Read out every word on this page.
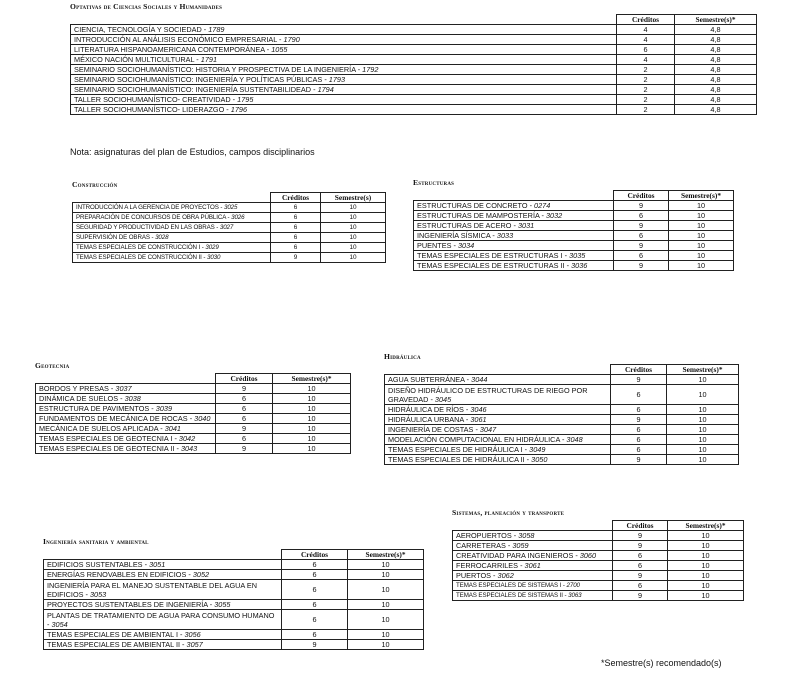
Optativas de Ciencias Sociales y Humanidades
	Créditos	Semestre(s)*
CIENCIA, TECNOLOGÍA Y SOCIEDAD - 1789	4	4,8
INTRODUCCIÓN AL ANÁLISIS ECONÓMICO EMPRESARIAL - 1790	4	4,8
LITERATURA HISPANOAMERICANA CONTEMPORÁNEA - 1055	6	4,8
MÉXICO NACIÓN MULTICULTURAL - 1791	4	4,8
SEMINARIO SOCIOHUMANÍSTICO: HISTORIA Y PROSPECTIVA DE LA INGENIERÍA - 1792	2	4,8
SEMINARIO SOCIOHUMANÍSTICO: INGENIERÍA Y POLÍTICAS PÚBLICAS - 1793	2	4,8
SEMINARIO SOCIOHUMANÍSTICO: INGENIERÍA SUSTENTABILIDEAD - 1794	2	4,8
TALLER SOCIOHUMANÍSTICO- CREATIVIDAD - 1795	2	4,8
TALLER SOCIOHUMANÍSTICO- LIDERAZGO - 1796	2	4,8
Nota: asignaturas del plan de Estudios, campos disciplinarios
Construcción
	Créditos	Semestre(s)
INTRODUCCIÓN A LA GERENCIA DE PROYECTOS - 3025	6	10
PREPARACIÓN DE CONCURSOS DE OBRA PÚBLICA - 3026	6	10
SEGURIDAD Y PRODUCTIVIDAD EN LAS OBRAS - 3027	6	10
SUPERVISIÓN DE OBRAS - 3028	6	10
TEMAS ESPECIALES DE CONSTRUCCIÓN I - 3029	6	10
TEMAS ESPECIALES DE CONSTRUCCIÓN II - 3030	9	10
Estructuras
	Créditos	Semestre(s)*
ESTRUCTURAS DE CONCRETO - 0274	9	10
ESTRUCTURAS DE MAMPOSTERÍA - 3032	6	10
ESTRUCTURAS DE ACERO - 3031	9	10
INGENIERÍA SÍSMICA - 3033	6	10
PUENTES - 3034	9	10
TEMAS ESPECIALES DE ESTRUCTURAS I - 3035	6	10
TEMAS ESPECIALES DE ESTRUCTURAS II - 3036	9	10
Geotecnia
	Créditos	Semestre(s)*
BORDOS Y PRESAS - 3037	9	10
DINÁMICA DE SUELOS - 3038	6	10
ESTRUCTURA DE PAVIMENTOS - 3039	6	10
FUNDAMENTOS DE MECÁNICA DE ROCAS - 3040	6	10
MECÁNICA DE SUELOS APLICADA - 3041	9	10
TEMAS ESPECIALES DE GEOTECNIA I - 3042	6	10
TEMAS ESPECIALES DE GEOTECNIA II - 3043	9	10
Hidráulica
	Créditos	Semestre(s)*
AGUA SUBTERRÁNEA - 3044	9	10
DISEÑO HIDRÁULICO DE ESTRUCTURAS DE RIEGO POR GRAVEDAD - 3045	6	10
HIDRÁULICA DE RÍOS - 3046	6	10
HIDRÁULICA URBANA - 3061	9	10
INGENIERÍA DE COSTAS - 3047	6	10
MODELACIÓN COMPUTACIONAL EN HIDRÁULICA - 3048	6	10
TEMAS ESPECIALES DE HIDRÁULICA I - 3049	6	10
TEMAS ESPECIALES DE HIDRÁULICA II - 3050	9	10
Sistemas, planeación y transporte
	Créditos	Semestre(s)*
AEROPUERTOS - 3058	9	10
CARRETERAS - 3059	9	10
CREATIVIDAD PARA INGENIEROS - 3060	6	10
FERROCARRILES - 3061	6	10
PUERTOS - 3062	9	10
TEMAS ESPECIALES DE SISTEMAS I - 2700	6	10
TEMAS ESPECIALES DE SISTEMAS II - 3063	9	10
Ingeniería sanitaria y ambiental
	Créditos	Semestre(s)*
EDIFICIOS SUSTENTABLES - 3051	6	10
ENERGÍAS RENOVABLES EN EDIFICIOS - 3052	6	10
INGENIERÍA PARA EL MANEJO SUSTENTABLE DEL AGUA EN EDIFICIOS - 3053	6	10
PROYECTOS SUSTENTABLES DE INGENIERÍA - 3055	6	10
PLANTAS DE TRATAMIENTO DE AGUA PARA CONSUMO HUMANO - 3054	6	10
TEMAS ESPECIALES DE AMBIENTAL I - 3056	6	10
TEMAS ESPECIALES DE AMBIENTAL II - 3057	9	10
*Semestre(s) recomendado(s)
